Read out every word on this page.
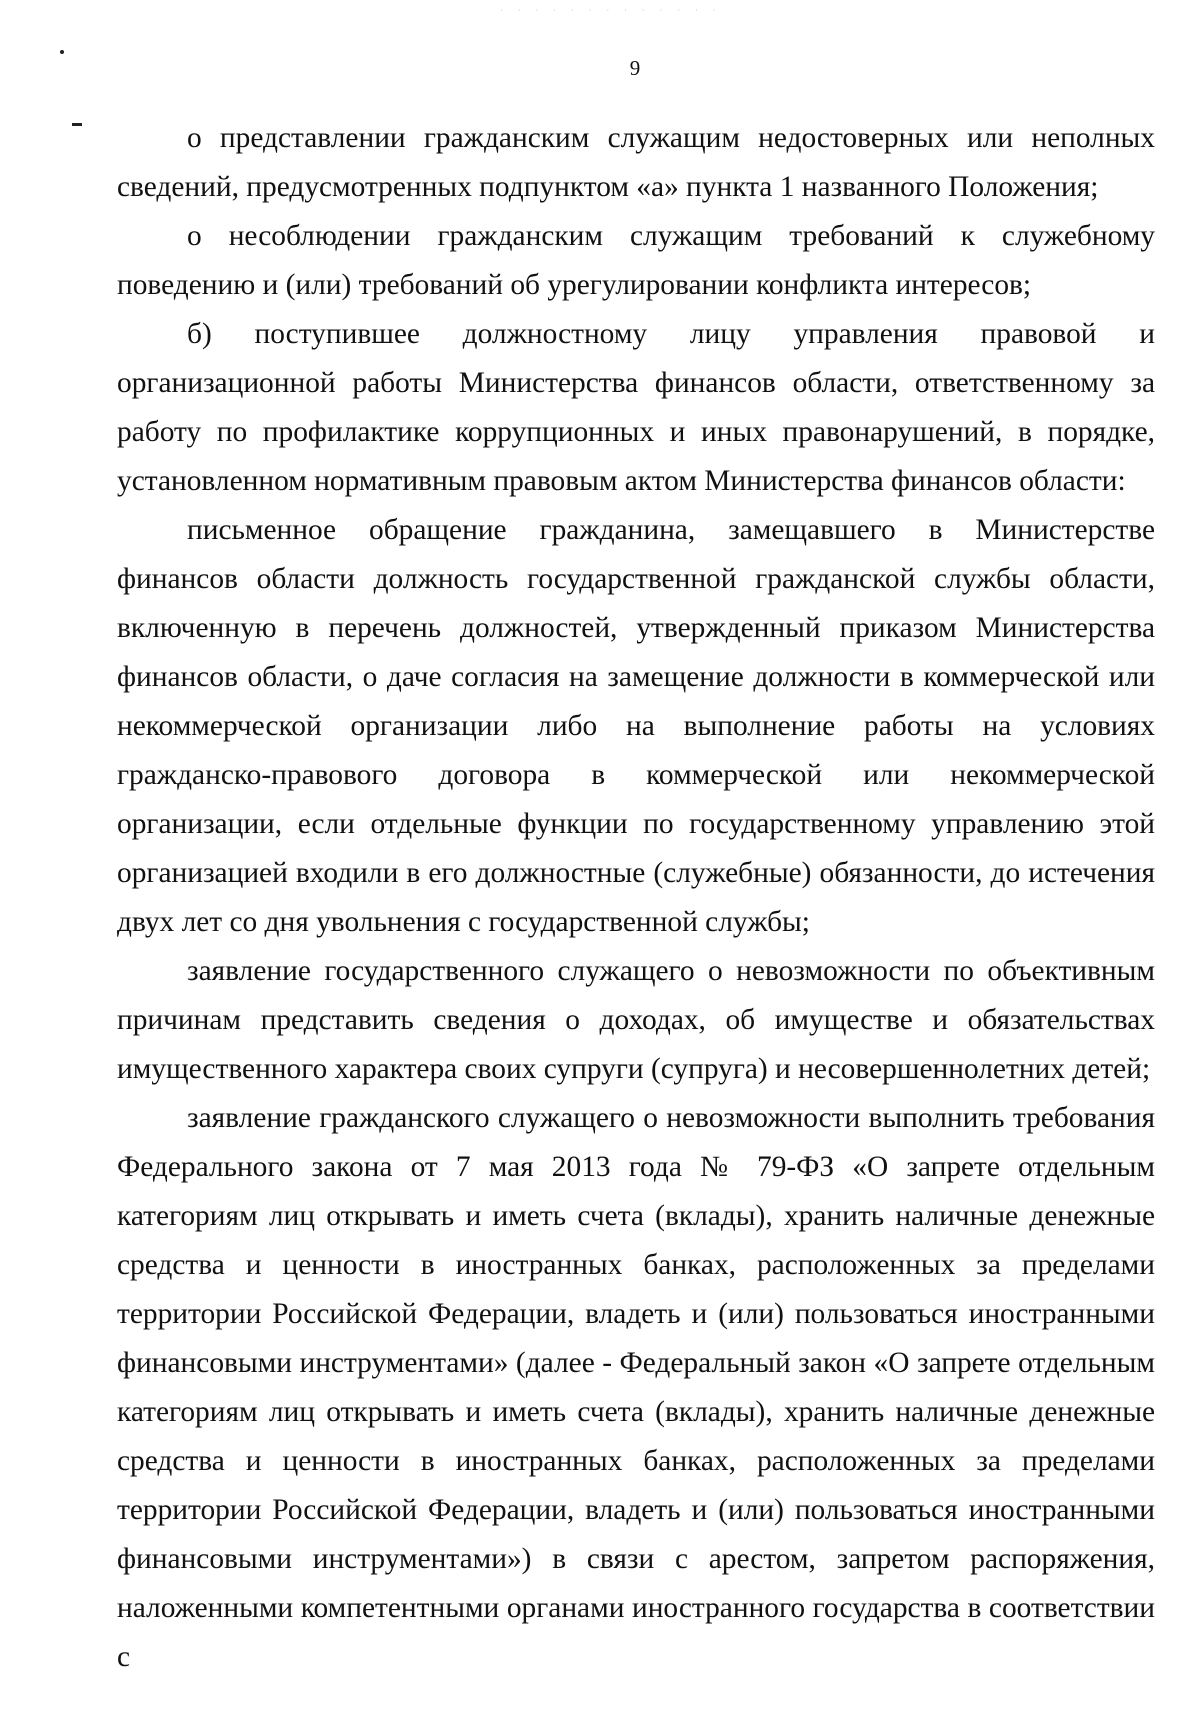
· · · · · · · · · · · · ·
9

о представлении гражданским служащим недостоверных или неполных сведений, предусмотренных подпунктом «а» пункта 1 названного Положения;

о несоблюдении гражданским служащим требований к служебному поведению и (или) требований об урегулировании конфликта интересов;

б) поступившее должностному лицу управления правовой и организационной работы Министерства финансов области, ответственному за работу по профилактике коррупционных и иных правонарушений, в порядке, установленном нормативным правовым актом Министерства финансов области:

письменное обращение гражданина, замещавшего в Министерстве финансов области должность государственной гражданской службы области, включенную в перечень должностей, утвержденный приказом Министерства финансов области, о даче согласия на замещение должности в коммерческой или некоммерческой организации либо на выполнение работы на условиях гражданско-правового договора в коммерческой или некоммерческой организации, если отдельные функции по государственному управлению этой организацией входили в его должностные (служебные) обязанности, до истечения двух лет со дня увольнения с государственной службы;

заявление государственного служащего о невозможности по объективным причинам представить сведения о доходах, об имуществе и обязательствах имущественного характера своих супруги (супруга) и несовершеннолетних детей;

заявление гражданского служащего о невозможности выполнить требования Федерального закона от 7 мая 2013 года № 79-ФЗ «О запрете отдельным категориям лиц открывать и иметь счета (вклады), хранить наличные денежные средства и ценности в иностранных банках, расположенных за пределами территории Российской Федерации, владеть и (или) пользоваться иностранными финансовыми инструментами» (далее - Федеральный закон «О запрете отдельным категориям лиц открывать и иметь счета (вклады), хранить наличные денежные средства и ценности в иностранных банках, расположенных за пределами территории Российской Федерации, владеть и (или) пользоваться иностранными финансовыми инструментами») в связи с арестом, запретом распоряжения, наложенными компетентными органами иностранного государства в соответствии с
